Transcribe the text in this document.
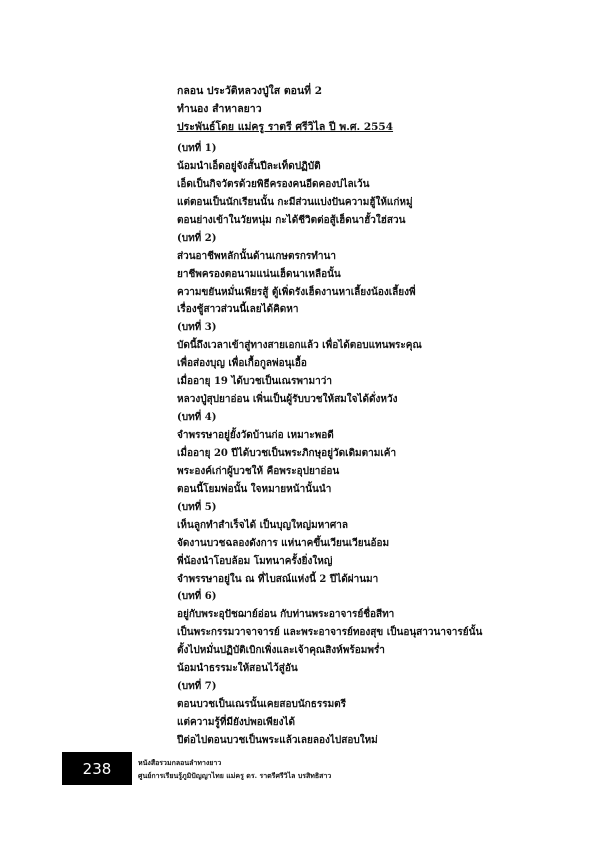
กลอน ประวัติหลวงปู่ใส ตอนที่ 2
ทำนอง สำหาลยาว
ประพันธ์โดย แม่ครู ราตรี ศรีวิไล ปี พ.ศ. 2554
(บทที่ 1)
น้อมนำเอ็ดอยู่จังสั้นปีละเท็ดปฏิบัติ
เอ็ดเป็นกิจวัตรด้วยพิธีครองคนอีดคองบ่ไลเว้น
แต่ตอนเป็นนักเรียนนั้น กะมีส่วนแบ่งปันความฮู้ให้แก่หมู่
ตอนย่างเข้าในวัยหนุ่ม กะได้ชีวิตต่อสู้เฮ็ดนาฮั้วใฮ่สวน
(บทที่ 2)
ส่วนอาชีพหลักนั้นด้านเกษตรกรทำนา
ยาชีพครองตอนามแน่นเฮ็ดนาเหลือนั้น
ความขยันหมั่นเพียรสู้ ตู้เพิ่ดรังเฮ็ดงานหาเลี้ยงน้องเลี้ยงพี่
เรื่องชู้สาวส่วนนี้เลยได้คิดหา
(บทที่ 3)
บัดนี้ถึงเวลาเข้าสู่ทางสายเอกแล้ว เพื่อได้ตอบแทนพระคุณ
เพื่อส่องบุญ เพื่อเกื้อกูลพ่อนุเอื้อ
เมื่ออายุ 19 ได้บวชเป็นเณรพามาว่า
หลวงปู่สุปยาอ่อน เพิ่นเป็นผู้รับบวชให้สมใจได้ดั่งหวัง
(บทที่ 4)
จำพรรษาอยู่ยั้งวัดบ้านก่อ เหมาะพอดี
เมื่ออายุ 20 ปีได้บวชเป็นพระภิกษุอยู่วัดเดิมตามเค้า
พระองค์เก่าผู้บวชให้ คือพระอุปยาอ่อน
ตอนนี้โยมพ่อนั้น ใจหมายหน้านั้นนำ
(บทที่ 5)
เห็นลูกทำสำเร็จได้ เป็นบุญใหญ่มหาศาล
จัดงานบวชฉลองดังการ แห่นาคขึ้นเวียนเวียนอ้อม
พี่น้องนำโอบล้อม โมทนาครั้งยิ่งใหญ่
จำพรรษาอยู่ใน ณ ที่ไบสณ์แห่งนี้ 2 ปีได้ผ่านมา
(บทที่ 6)
อยู่กับพระอุปัชฌาย์อ่อน กับท่านพระอาจารย์ชื่อสีทา
เป็นพระกรรมวาจาจารย์ และพระอาจารย์ทองสุข เป็นอนุสาวนาจารย์นั้น
ตั้งไปหมั่นปฏิบัติเบิกเพิ่งและเจ้าคุณสิงห์พร้อมพร่ำ
น้อมนำธรรมะให้สอนไว้สู่อัน
(บทที่ 7)
ตอนบวชเป็นเณรนั้นเคยสอบนักธรรมตรี
แต่ความรู้ที่มียังบ่พอเพียงได้
ปีต่อไปตอนบวชเป็นพระแล้วเลยลองไปสอบใหม่
238	หนังสือรวมกลอนลำทางยาว
ศูนย์การเรียนรู้ภูมิปัญญาไทย แม่ครู ดร. ราตรีศรีวิไล บรสิทธิสาว
